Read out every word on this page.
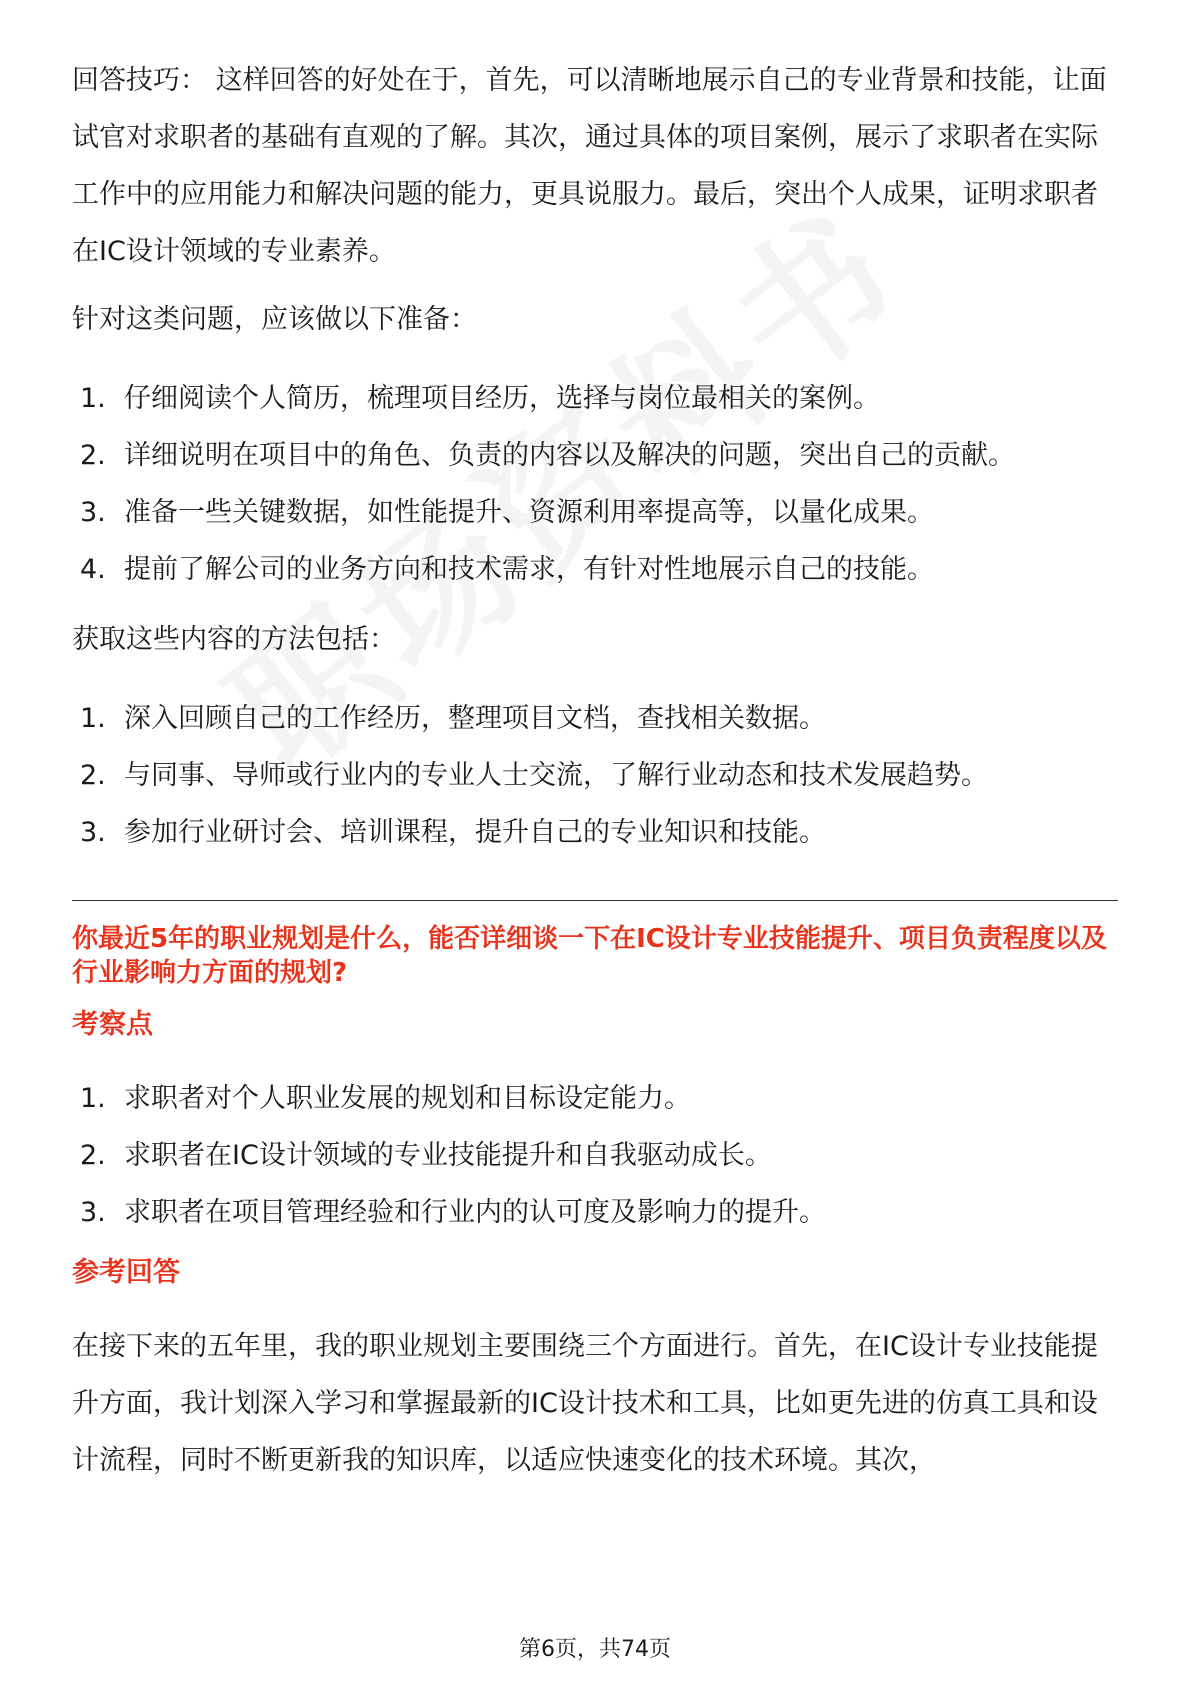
回答技巧： 这样回答的好处在于，首先，可以清晰地展示自己的专业背景和技能，让面试官对求职者的基础有直观的了解。其次，通过具体的项目案例，展示了求职者在实际工作中的应用能力和解决问题的能力，更具说服力。最后，突出个人成果，证明求职者在IC设计领域的专业素养。

针对这类问题，应该做以下准备：

1. 仔细阅读个人简历，梳理项目经历，选择与岗位最相关的案例。
2. 详细说明在项目中的角色、负责的内容以及解决的问题，突出自己的贡献。
3. 准备一些关键数据，如性能提升、资源利用率提高等，以量化成果。
4. 提前了解公司的业务方向和技术需求，有针对性地展示自己的技能。

获取这些内容的方法包括：

1. 深入回顾自己的工作经历，整理项目文档，查找相关数据。
2. 与同事、导师或行业内的专业人士交流，了解行业动态和技术发展趋势。
3. 参加行业研讨会、培训课程，提升自己的专业知识和技能。

你最近5年的职业规划是什么，能否详细谈一下在IC设计专业技能提升、项目负责程度以及行业影响力方面的规划?

考察点

1. 求职者对个人职业发展的规划和目标设定能力。
2. 求职者在IC设计领域的专业技能提升和自我驱动成长。
3. 求职者在项目管理经验和行业内的认可度及影响力的提升。

参考回答

在接下来的五年里，我的职业规划主要围绕三个方面进行。首先，在IC设计专业技能提升方面，我计划深入学习和掌握最新的IC设计技术和工具，比如更先进的仿真工具和设计流程，同时不断更新我的知识库，以适应快速变化的技术环境。其次，

第6页，共74页
